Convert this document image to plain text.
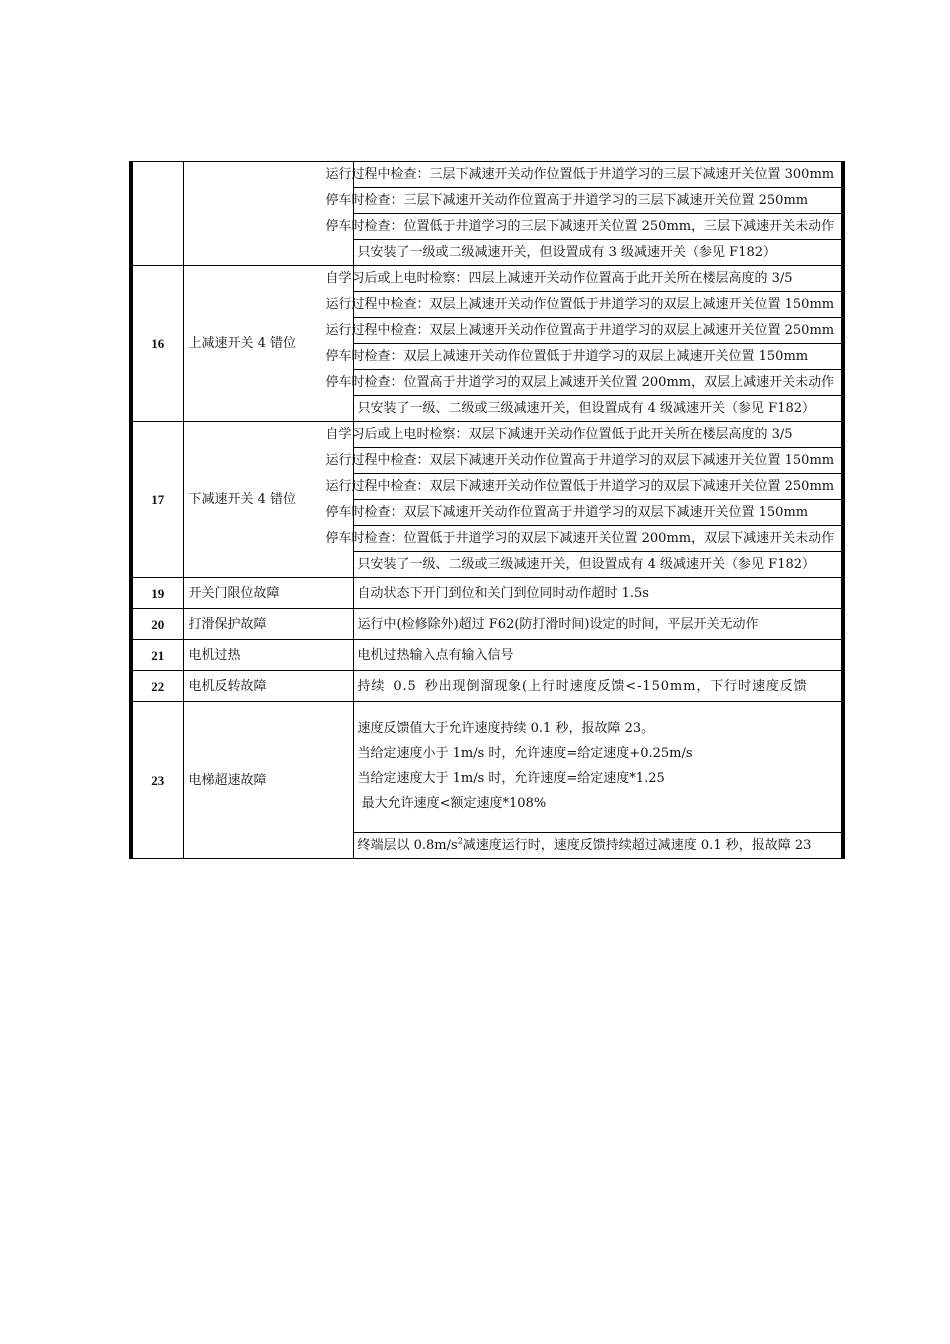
		运行过程中检查：三层下减速开关动作位置低于井道学习的三层下减速开关位置 300mm
		停车时检查：三层下减速开关动作位置高于井道学习的三层下减速开关位置 250mm
		停车时检查：位置低于井道学习的三层下减速开关位置 250mm，三层下减速开关未动作
		只安装了一级或二级减速开关，但设置成有 3 级减速开关（参见 F182）
16	上减速开关 4 错位	自学习后或上电时检察：四层上减速开关动作位置高于此开关所在楼层高度的 3/5
		运行过程中检查：双层上减速开关动作位置低于井道学习的双层上减速开关位置 150mm
		运行过程中检查：双层上减速开关动作位置高于井道学习的双层上减速开关位置 250mm
		停车时检查：双层上减速开关动作位置低于井道学习的双层上减速开关位置 150mm
		停车时检查：位置高于井道学习的双层上减速开关位置 200mm，双层上减速开关未动作
		只安装了一级、二级或三级减速开关，但设置成有 4 级减速开关（参见 F182）
17	下减速开关 4 错位	自学习后或上电时检察：双层下减速开关动作位置低于此开关所在楼层高度的 3/5
		运行过程中检查：双层下减速开关动作位置高于井道学习的双层下减速开关位置 150mm
		运行过程中检查：双层下减速开关动作位置低于井道学习的双层下减速开关位置 250mm
		停车时检查：双层下减速开关动作位置高于井道学习的双层下减速开关位置 150mm
		停车时检查：位置低于井道学习的双层下减速开关位置 200mm，双层下减速开关未动作
		只安装了一级、二级或三级减速开关，但设置成有 4 级减速开关（参见 F182）
19	开关门限位故障	自动状态下开门到位和关门到位同时动作超时 1.5s
20	打滑保护故障	运行中(检修除外)超过 F62(防打滑时间)设定的时间，平层开关无动作
21	电机过热	电机过热输入点有输入信号
22	电机反转故障	持续 0.5 秒出现倒溜现象(上行时速度反馈<-150mm，下行时速度反馈
23	电梯超速故障	速度反馈值大于允许速度持续 0.1 秒，报故障 23。
当给定速度小于 1m/s 时，允许速度=给定速度+0.25m/s
当给定速度大于 1m/s 时，允许速度=给定速度*1.25
最大允许速度<额定速度*108%

		终端层以 $0.8m/s^2$减速度运行时，速度反馈持续超过减速度 0.1 秒，报故障 23
